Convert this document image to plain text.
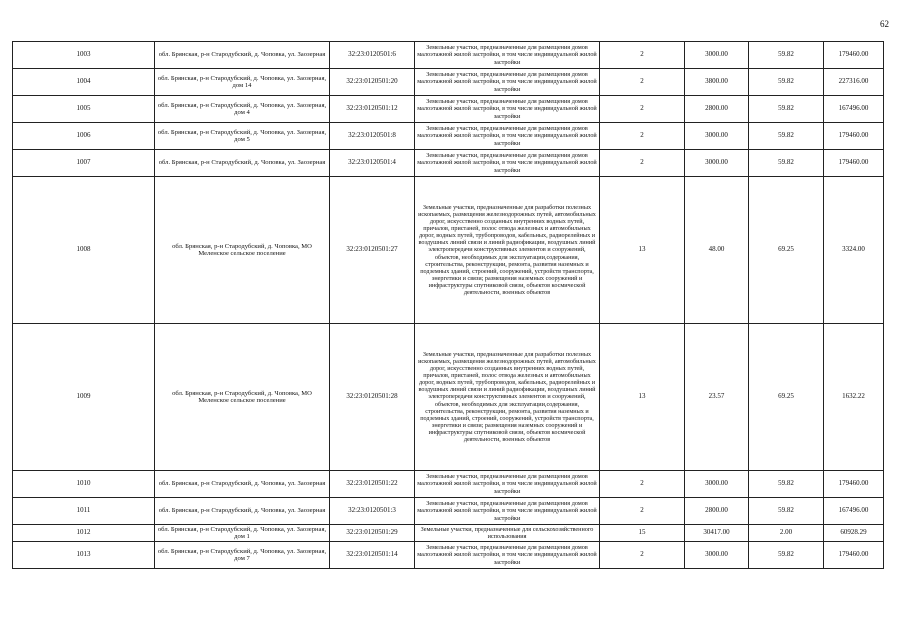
62
1003	обл. Брянская, р-н Стародубский, д. Чоповка, ул. Заозерная	32:23:0120501:6	Земельные участки, предназначенные для размещения домов малоэтажной жилой застройки, в том числе индивидуальной жилой застройки	2	3000.00	59.82	179460.00
1004	обл. Брянская, р-н Стародубский, д. Чоповка, ул. Заозерная, дом 14	32:23:0120501:20	Земельные участки, предназначенные для размещения домов малоэтажной жилой застройки, в том числе индивидуальной жилой застройки	2	3800.00	59.82	227316.00
1005	обл. Брянская, р-н Стародубский, д. Чоповка, ул. Заозерная, дом 4	32:23:0120501:12	Земельные участки, предназначенные для размещения домов малоэтажной жилой застройки, в том числе индивидуальной жилой застройки	2	2800.00	59.82	167496.00
1006	обл. Брянская, р-н Стародубский, д. Чоповка, ул. Заозерная, дом 5	32:23:0120501:8	Земельные участки, предназначенные для размещения домов малоэтажной жилой застройки, в том числе индивидуальной жилой застройки	2	3000.00	59.82	179460.00
1007	обл. Брянская, р-н Стародубский, д. Чоповка, ул. Заозерная	32:23:0120501:4	Земельные участки, предназначенные для размещения домов малоэтажной жилой застройки, в том числе индивидуальной жилой застройки	2	3000.00	59.82	179460.00
1008	обл. Брянская, р-н Стародубский, д. Чоповка, МО Меленское сельское поселение	32:23:0120501:27	Земельные участки, предназначенные для разработки полезных ископаемых, размещения железнодорожных путей, автомобильных дорог, искусственно созданных внутренних водных путей, причалов, пристаней, полос отвода железных и автомобильных дорог, водных путей, трубопроводов, кабельных, радиорелейных и воздушных линий связи и линий радиофикации, воздушных линий электропередачи конструктивных элементов и сооружений, объектов, необходимых для эксплуатации,содержания, строительства, реконструкции, ремонта, развития наземных и подземных зданий, строений, сооружений, устройств транспорта, энергетики и связи; размещения наземных сооружений и инфраструктуры спутниковой связи, объектов космической деятельности, военных объектов	13	48.00	69.25	3324.00
1009	обл. Брянская, р-н Стародубский, д. Чоповка, МО Меленское сельское поселение	32:23:0120501:28	Земельные участки, предназначенные для разработки полезных ископаемых, размещения железнодорожных путей, автомобильных дорог, искусственно созданных внутренних водных путей, причалов, пристаней, полос отвода железных и автомобильных дорог, водных путей, трубопроводов, кабельных, радиорелейных и воздушных линий связи и линий радиофикации, воздушных линий электропередачи конструктивных элементов и сооружений, объектов, необходимых для эксплуатации,содержания, строительства, реконструкции, ремонта, развития наземных и подземных зданий, строений, сооружений, устройств транспорта, энергетики и связи; размещения наземных сооружений и инфраструктуры спутниковой связи, объектов космической деятельности, военных объектов	13	23.57	69.25	1632.22
1010	обл. Брянская, р-н Стародубский, д. Чоповка, ул. Заозерная	32:23:0120501:22	Земельные участки, предназначенные для размещения домов малоэтажной жилой застройки, в том числе индивидуальной жилой застройки	2	3000.00	59.82	179460.00
1011	обл. Брянская, р-н Стародубский, д. Чоповка, ул. Заозерная	32:23:0120501:3	Земельные участки, предназначенные для размещения домов малоэтажной жилой застройки, в том числе индивидуальной жилой застройки	2	2800.00	59.82	167496.00
1012	обл. Брянская, р-н Стародубский, д. Чоповка, ул. Заозерная, дом 1	32:23:0120501:29	Земельные участки, предназначенные для сельскохозяйственного использования	15	30417.00	2.00	60928.29
1013	обл. Брянская, р-н Стародубский, д. Чоповка, ул. Заозерная, дом 7	32:23:0120501:14	Земельные участки, предназначенные для размещения домов малоэтажной жилой застройки, в том числе индивидуальной жилой застройки	2	3000.00	59.82	179460.00
